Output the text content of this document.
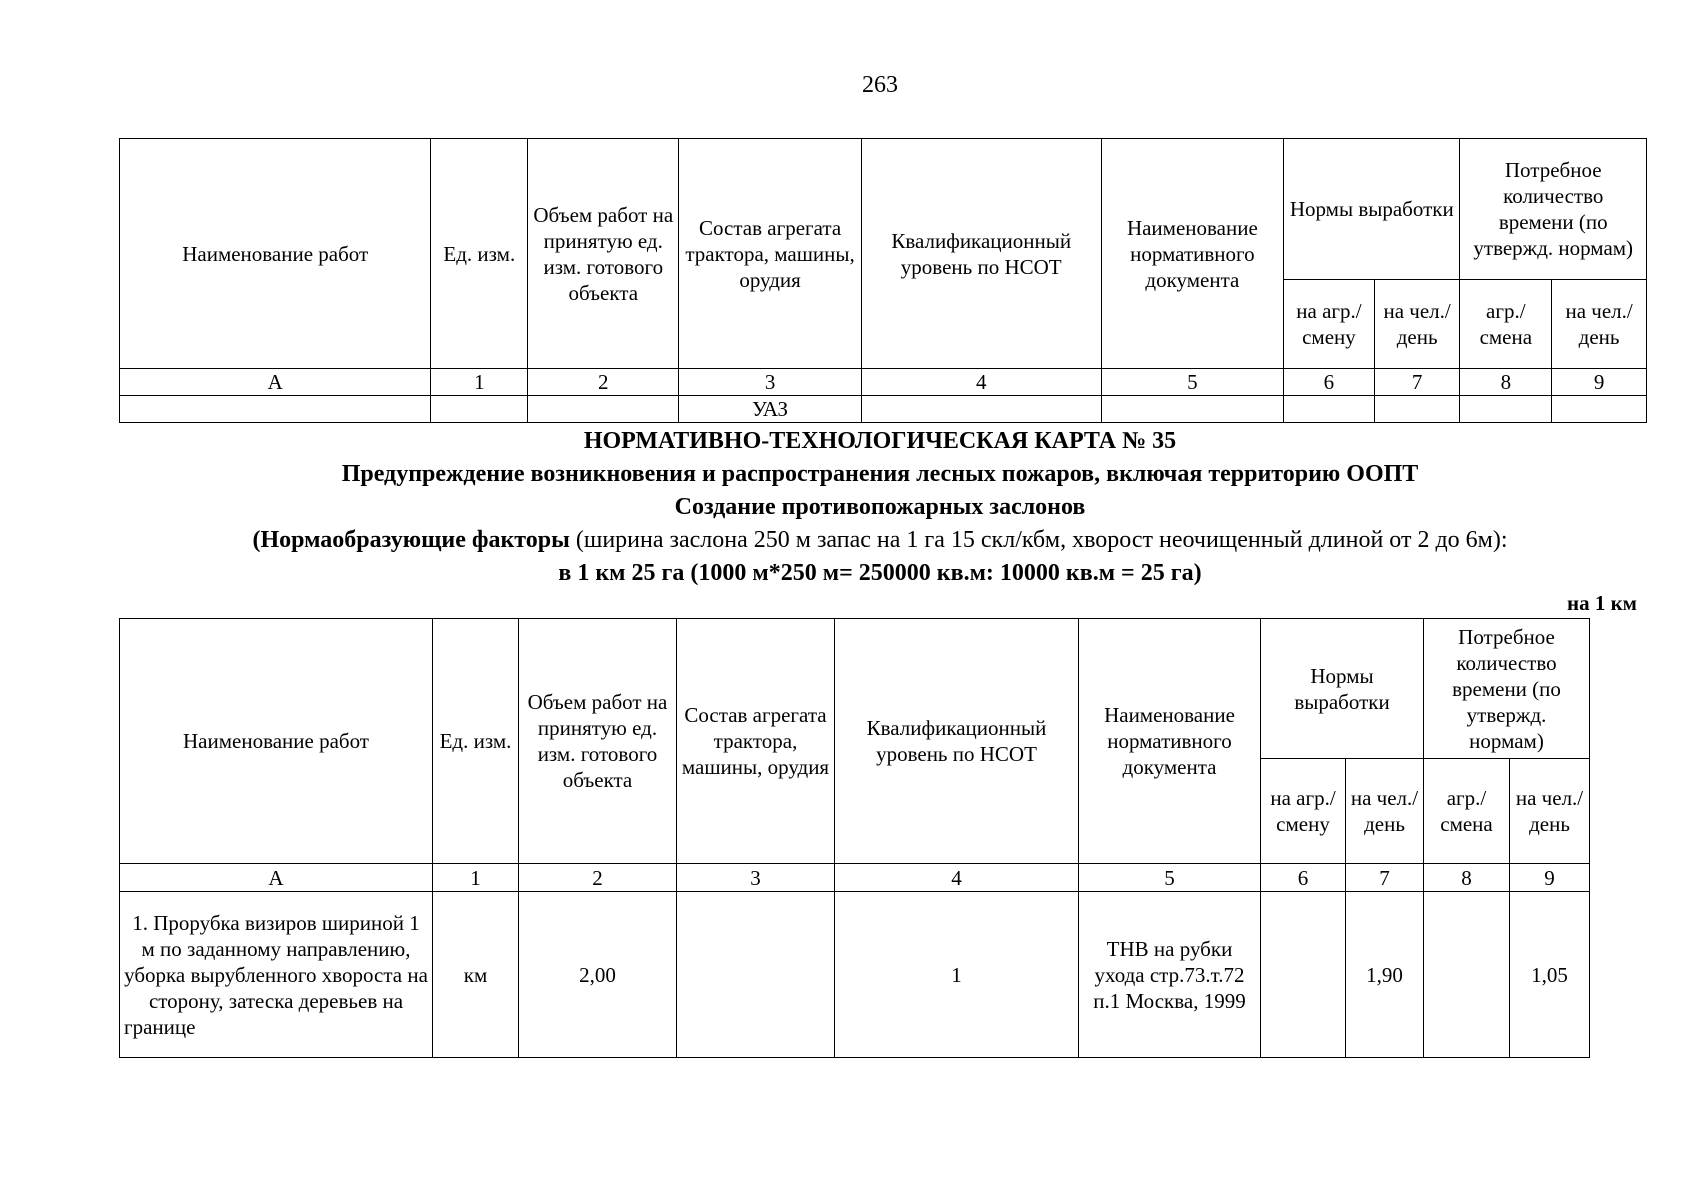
263
Наименование работ	Ед. изм.	Объем работ на принятую ед. изм. готового объекта	Состав агрегата трактора, машины, орудия	Квалификационный уровень по НСОТ	Наименование нормативного документа	Нормы выработки		Потребное количество времени (по утвержд. нормам)	
						на агр./ смену	на чел./ день	агр./ смена	на чел./ день
А	1	2	3	4	5	6	7	8	9
			УАЗ						
НОРМАТИВНО-ТЕХНОЛОГИЧЕСКАЯ КАРТА № 35
Предупреждение возникновения и распространения лесных пожаров, включая территорию ООПТ
Создание противопожарных заслонов
(Нормаобразующие факторы (ширина заслона 250 м запас на 1 га 15 скл/кбм, хворост неочищенный длиной от 2 до 6м):
в 1 км 25 га (1000 м*250 м= 250000 кв.м: 10000 кв.м = 25 га)
на 1 км
Наименование работ	Ед. изм.	Объем работ на принятую ед. изм. готового объекта	Состав агрегата трактора, машины, орудия	Квалификационный уровень по НСОТ	Наименование нормативного документа	Нормы выработки		Потребное количество времени (по утвержд. нормам)	
						на агр./ смену	на чел./ день	агр./ смена	на чел./ день
А	1	2	3	4	5	6	7	8	9
1. Прорубка визиров шириной 1 м по заданному направлению, уборка вырубленного хвороста на сторону, затеска деревьев на границе	км	2,00		1	ТНВ на рубки ухода стр.73.т.72 п.1 Москва, 1999		1,90		1,05
